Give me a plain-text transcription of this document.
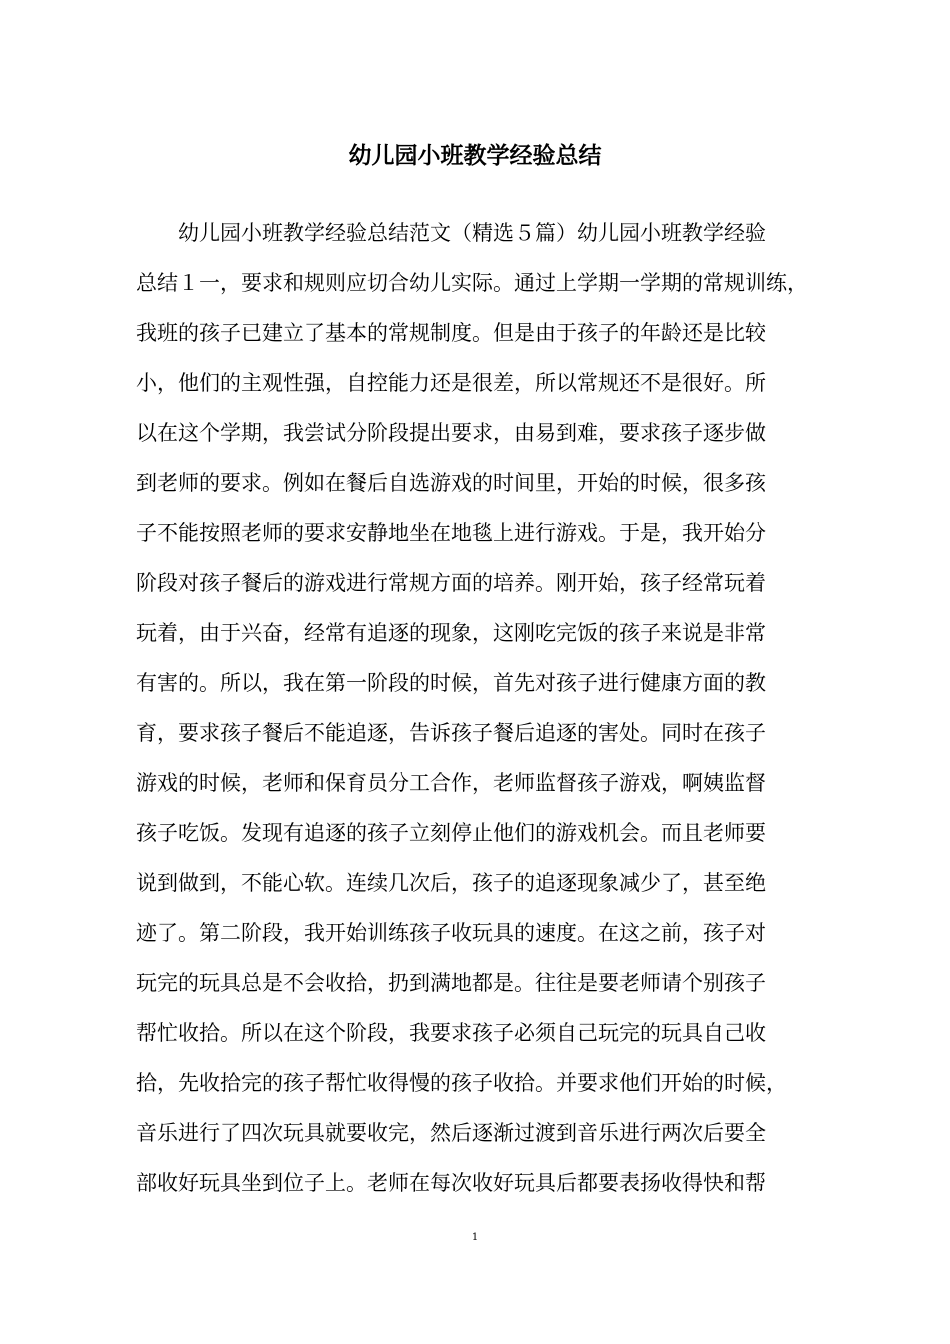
幼儿园小班教学经验总结
幼儿园小班教学经验总结范文（精选５篇）幼儿园小班教学经验
总结１一，要求和规则应切合幼儿实际。通过上学期一学期的常规训练，
我班的孩子已建立了基本的常规制度。但是由于孩子的年龄还是比较
小，他们的主观性强，自控能力还是很差，所以常规还不是很好。所
以在这个学期，我尝试分阶段提出要求，由易到难，要求孩子逐步做
到老师的要求。例如在餐后自选游戏的时间里，开始的时候，很多孩
子不能按照老师的要求安静地坐在地毯上进行游戏。于是，我开始分
阶段对孩子餐后的游戏进行常规方面的培养。刚开始，孩子经常玩着
玩着，由于兴奋，经常有追逐的现象，这刚吃完饭的孩子来说是非常
有害的。所以，我在第一阶段的时候，首先对孩子进行健康方面的教
育，要求孩子餐后不能追逐，告诉孩子餐后追逐的害处。同时在孩子
游戏的时候，老师和保育员分工合作，老师监督孩子游戏，啊姨监督
孩子吃饭。发现有追逐的孩子立刻停止他们的游戏机会。而且老师要
说到做到，不能心软。连续几次后，孩子的追逐现象减少了，甚至绝
迹了。第二阶段，我开始训练孩子收玩具的速度。在这之前，孩子对
玩完的玩具总是不会收拾，扔到满地都是。往往是要老师请个别孩子
帮忙收拾。所以在这个阶段，我要求孩子必须自己玩完的玩具自己收
拾，先收拾完的孩子帮忙收得慢的孩子收拾。并要求他们开始的时候，
音乐进行了四次玩具就要收完，然后逐渐过渡到音乐进行两次后要全
部收好玩具坐到位子上。老师在每次收好玩具后都要表扬收得快和帮
1
